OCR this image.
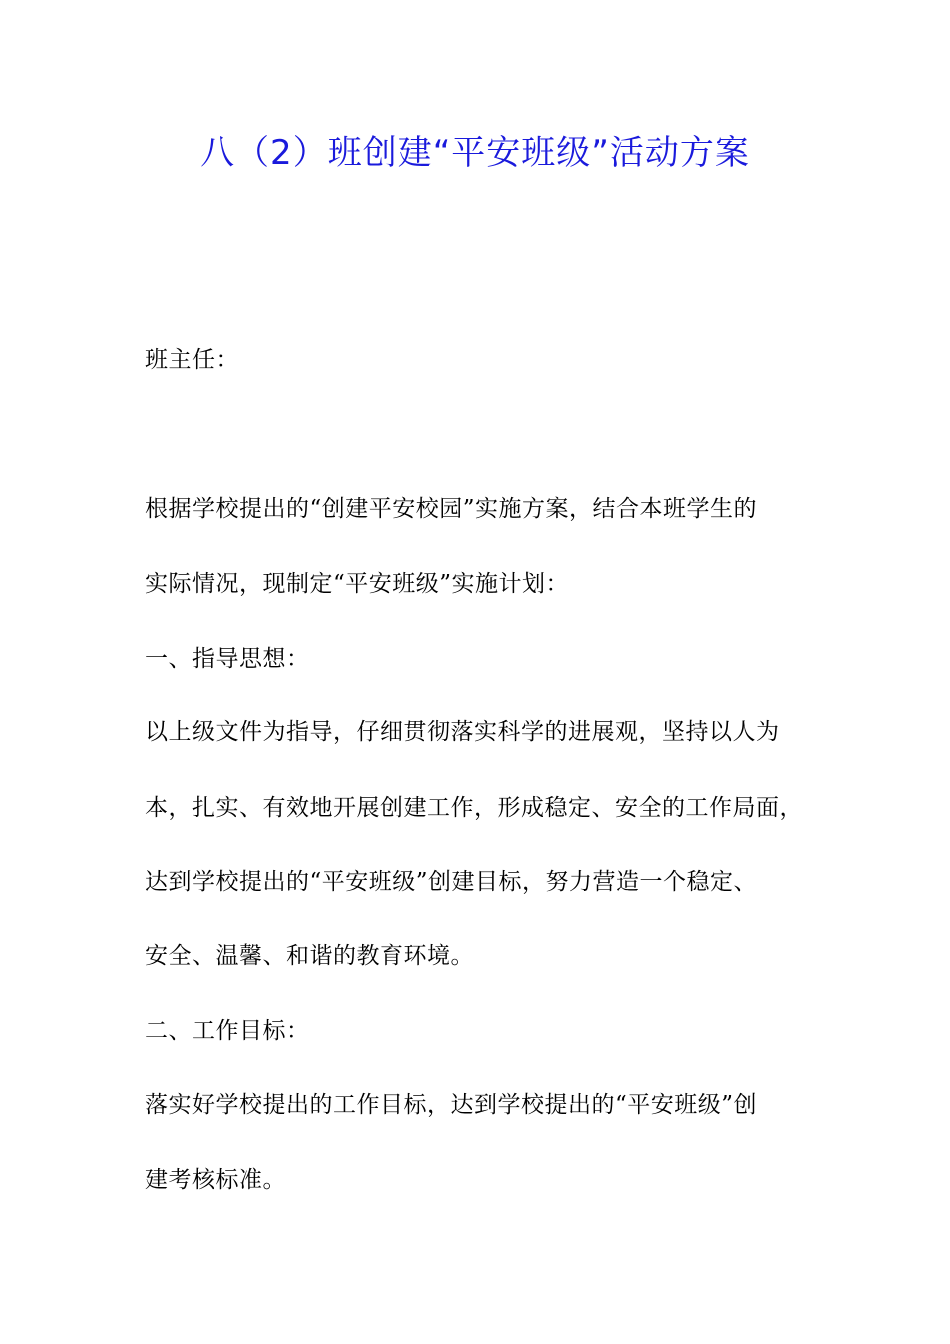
八（2）班创建“平安班级”活动方案
班主任：
根据学校提出的“创建平安校园”实施方案，结合本班学生的
实际情况，现制定“平安班级”实施计划：
一、指导思想：
以上级文件为指导，仔细贯彻落实科学的进展观，坚持以人为
本，扎实、有效地开展创建工作，形成稳定、安全的工作局面，
达到学校提出的“平安班级”创建目标，努力营造一个稳定、
安全、温馨、和谐的教育环境。
二、工作目标：
落实好学校提出的工作目标，达到学校提出的“平安班级”创
建考核标准。
